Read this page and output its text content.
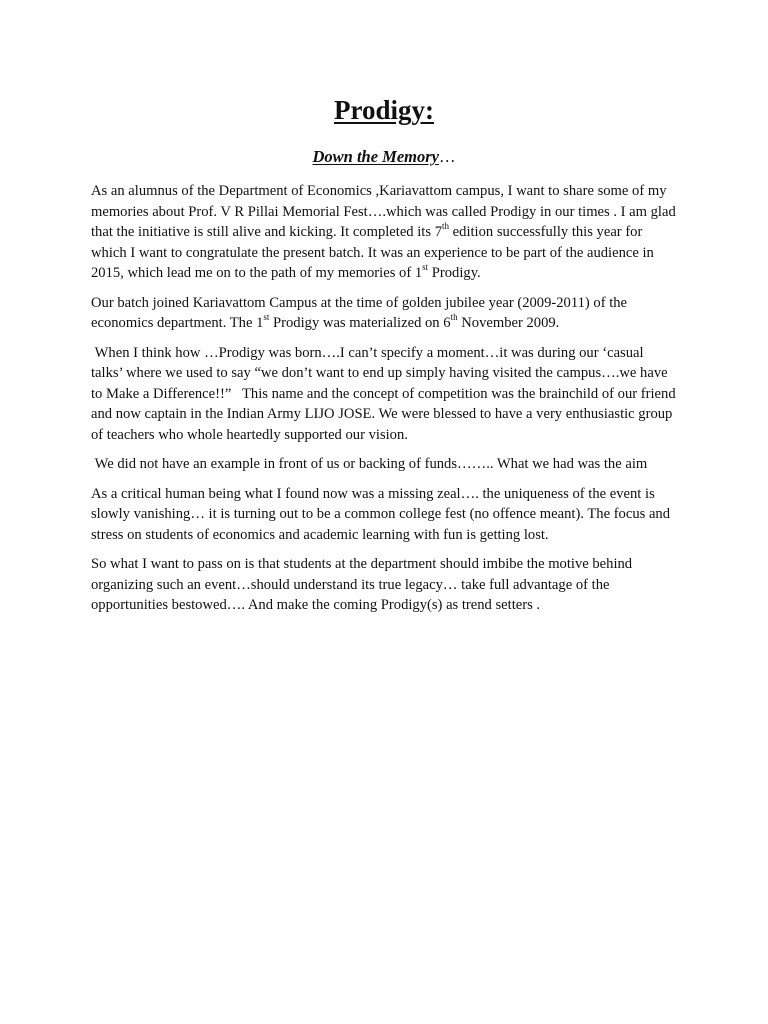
Prodigy:
Down the Memory…

As an alumnus of the Department of Economics ,Kariavattom campus, I want to share some of my memories about Prof. V R Pillai Memorial Fest….which was called Prodigy in our times . I am glad that the initiative is still alive and kicking. It completed its 7th edition successfully this year for which I want to congratulate the present batch. It was an experience to be part of the audience in 2015, which lead me on to the path of my memories of 1st Prodigy.

Our batch joined Kariavattom Campus at the time of golden jubilee year (2009-2011) of the economics department. The 1st Prodigy was materialized on 6th November 2009.

When I think how …Prodigy was born….I can’t specify a moment…it was during our ‘casual talks’ where we used to say “we don’t want to end up simply having visited the campus….we have to Make a Difference!!”   This name and the concept of competition was the brainchild of our friend and now captain in the Indian Army LIJO JOSE. We were blessed to have a very enthusiastic group of teachers who whole heartedly supported our vision.

We did not have an example in front of us or backing of funds…….. What we had was the aim

As a critical human being what I found now was a missing zeal…. the uniqueness of the event is slowly vanishing… it is turning out to be a common college fest (no offence meant). The focus and stress on students of economics and academic learning with fun is getting lost.

So what I want to pass on is that students at the department should imbibe the motive behind organizing such an event…should understand its true legacy… take full advantage of the opportunities bestowed…. And make the coming Prodigy(s) as trend setters .
